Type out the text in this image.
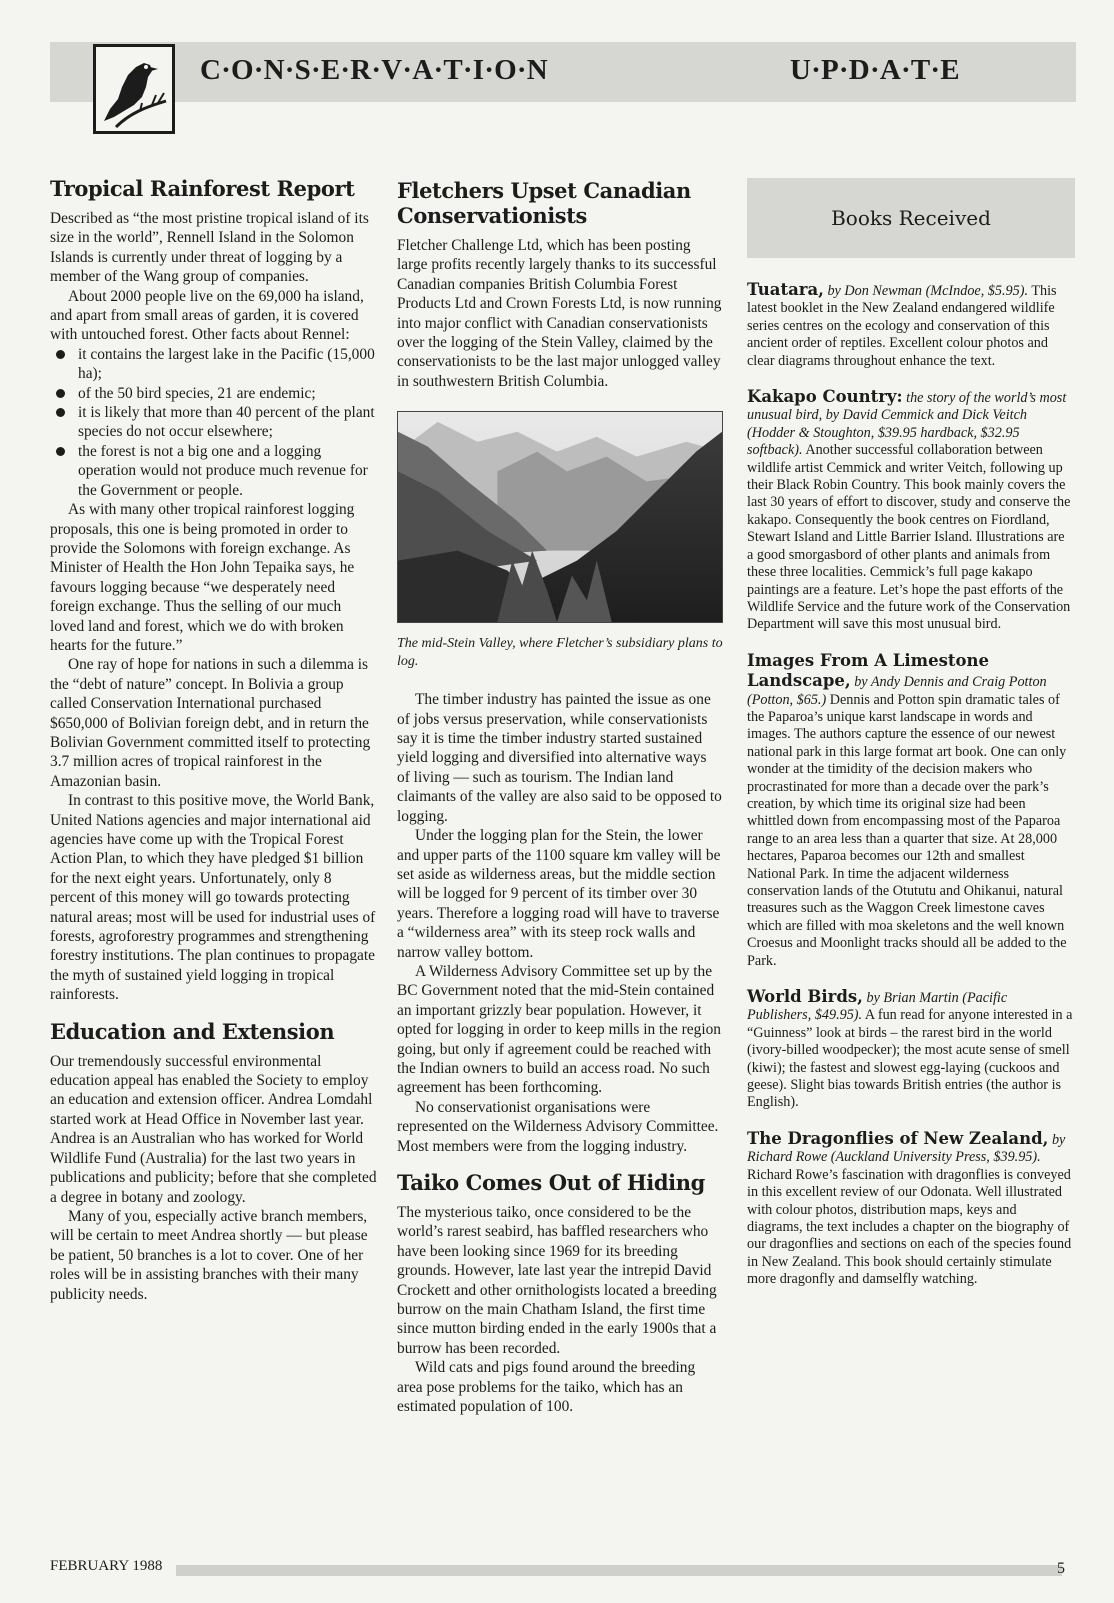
C·O·N·S·E·R·V·A·T·I·O·N	U·P·D·A·T·E
Tropical Rainforest Report

Described as “the most pristine tropical island of its size in the world”, Rennell Island in the Solomon Islands is currently under threat of logging by a member of the Wang group of companies.

About 2000 people live on the 69,000 ha island, and apart from small areas of garden, it is covered with untouched forest. Other facts about Rennel:

it contains the largest lake in the Pacific (15,000 ha);
of the 50 bird species, 21 are endemic;
it is likely that more than 40 percent of the plant species do not occur elsewhere;
the forest is not a big one and a logging operation would not produce much revenue for the Government or people.

As with many other tropical rainforest logging proposals, this one is being promoted in order to provide the Solomons with foreign exchange. As Minister of Health the Hon John Tepaika says, he favours logging because “we desperately need foreign exchange. Thus the selling of our much loved land and forest, which we do with broken hearts for the future.”

One ray of hope for nations in such a dilemma is the “debt of nature” concept. In Bolivia a group called Conservation International purchased $650,000 of Bolivian foreign debt, and in return the Bolivian Government committed itself to protecting 3.7 million acres of tropical rainforest in the Amazonian basin.

In contrast to this positive move, the World Bank, United Nations agencies and major international aid agencies have come up with the Tropical Forest Action Plan, to which they have pledged $1 billion for the next eight years. Unfortunately, only 8 percent of this money will go towards protecting natural areas; most will be used for industrial uses of forests, agroforestry programmes and strengthening forestry institutions. The plan continues to propagate the myth of sustained yield logging in tropical rainforests.

Education and Extension

Our tremendously successful environmental education appeal has enabled the Society to employ an education and extension officer. Andrea Lomdahl started work at Head Office in November last year. Andrea is an Australian who has worked for World Wildlife Fund (Australia) for the last two years in publications and publicity; before that she completed a degree in botany and zoology.

Many of you, especially active branch members, will be certain to meet Andrea shortly — but please be patient, 50 branches is a lot to cover. One of her roles will be in assisting branches with their many publicity needs.

Fletchers Upset Canadian Conservationists

Fletcher Challenge Ltd, which has been posting large profits recently largely thanks to its successful Canadian companies British Columbia Forest Products Ltd and Crown Forests Ltd, is now running into major conflict with Canadian conservationists over the logging of the Stein Valley, claimed by the conservationists to be the last major unlogged valley in southwestern British Columbia.

The mid-Stein Valley, where Fletcher’s subsidiary plans to log.

The timber industry has painted the issue as one of jobs versus preservation, while conservationists say it is time the timber industry started sustained yield logging and diversified into alternative ways of living — such as tourism. The Indian land claimants of the valley are also said to be opposed to logging.

Under the logging plan for the Stein, the lower and upper parts of the 1100 square km valley will be set aside as wilderness areas, but the middle section will be logged for 9 percent of its timber over 30 years. Therefore a logging road will have to traverse a “wilderness area” with its steep rock walls and narrow valley bottom.

A Wilderness Advisory Committee set up by the BC Government noted that the mid-Stein contained an important grizzly bear population. However, it opted for logging in order to keep mills in the region going, but only if agreement could be reached with the Indian owners to build an access road. No such agreement has been forthcoming.

No conservationist organisations were represented on the Wilderness Advisory Committee. Most members were from the logging industry.

Taiko Comes Out of Hiding

The mysterious taiko, once considered to be the world’s rarest seabird, has baffled researchers who have been looking since 1969 for its breeding grounds. However, late last year the intrepid David Crockett and other ornithologists located a breeding burrow on the main Chatham Island, the first time since mutton birding ended in the early 1900s that a burrow has been recorded.

Wild cats and pigs found around the breeding area pose problems for the taiko, which has an estimated population of 100.

Books Received
Tuatara, by Don Newman (McIndoe, $5.95). This latest booklet in the New Zealand endangered wildlife series centres on the ecology and conservation of this ancient order of reptiles. Excellent colour photos and clear diagrams throughout enhance the text.
Kakapo Country: the story of the world’s most unusual bird, by David Cemmick and Dick Veitch (Hodder & Stoughton, $39.95 hardback, $32.95 softback). Another successful collaboration between wildlife artist Cemmick and writer Veitch, following up their Black Robin Country. This book mainly covers the last 30 years of effort to discover, study and conserve the kakapo. Consequently the book centres on Fiordland, Stewart Island and Little Barrier Island. Illustrations are a good smorgasbord of other plants and animals from these three localities. Cemmick’s full page kakapo paintings are a feature. Let’s hope the past efforts of the Wildlife Service and the future work of the Conservation Department will save this most unusual bird.
Images From A Limestone Landscape, by Andy Dennis and Craig Potton (Potton, $65.) Dennis and Potton spin dramatic tales of the Paparoa’s unique karst landscape in words and images. The authors capture the essence of our newest national park in this large format art book. One can only wonder at the timidity of the decision makers who procrastinated for more than a decade over the park’s creation, by which time its original size had been whittled down from encompassing most of the Paparoa range to an area less than a quarter that size. At 28,000 hectares, Paparoa becomes our 12th and smallest National Park. In time the adjacent wilderness conservation lands of the Otututu and Ohikanui, natural treasures such as the Waggon Creek limestone caves which are filled with moa skeletons and the well known Croesus and Moonlight tracks should all be added to the Park.
World Birds, by Brian Martin (Pacific Publishers, $49.95). A fun read for anyone interested in a “Guinness” look at birds – the rarest bird in the world (ivory-billed woodpecker); the most acute sense of smell (kiwi); the fastest and slowest egg-laying (cuckoos and geese). Slight bias towards British entries (the author is English).
The Dragonflies of New Zealand, by Richard Rowe (Auckland University Press, $39.95). Richard Rowe’s fascination with dragonflies is conveyed in this excellent review of our Odonata. Well illustrated with colour photos, distribution maps, keys and diagrams, the text includes a chapter on the biography of our dragonflies and sections on each of the species found in New Zealand. This book should certainly stimulate more dragonfly and damselfly watching.
FEBRUARY 1988	5
